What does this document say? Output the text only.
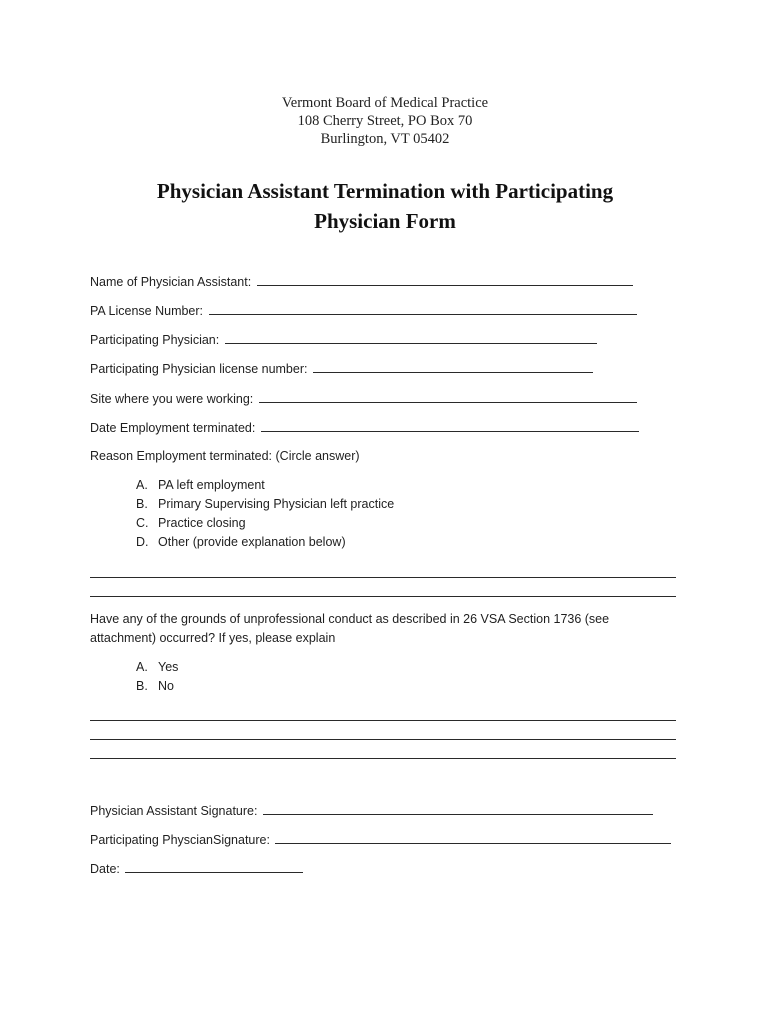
Vermont Board of Medical Practice
108 Cherry Street, PO Box 70
Burlington, VT 05402
Physician Assistant Termination with Participating
Physician Form
Name of Physician Assistant:
PA License Number:
Participating Physician:
Participating Physician license number:
Site where you were working:
Date Employment terminated:
Reason Employment terminated: (Circle answer)
A. PA left employment
B. Primary Supervising Physician left practice
C. Practice closing
D. Other (provide explanation below)
Have any of the grounds of unprofessional conduct as described in 26 VSA Section 1736 (see attachment) occurred? If yes, please explain
A. Yes
B. No
Physician Assistant Signature:
Participating PhyscianSignature:
Date:
